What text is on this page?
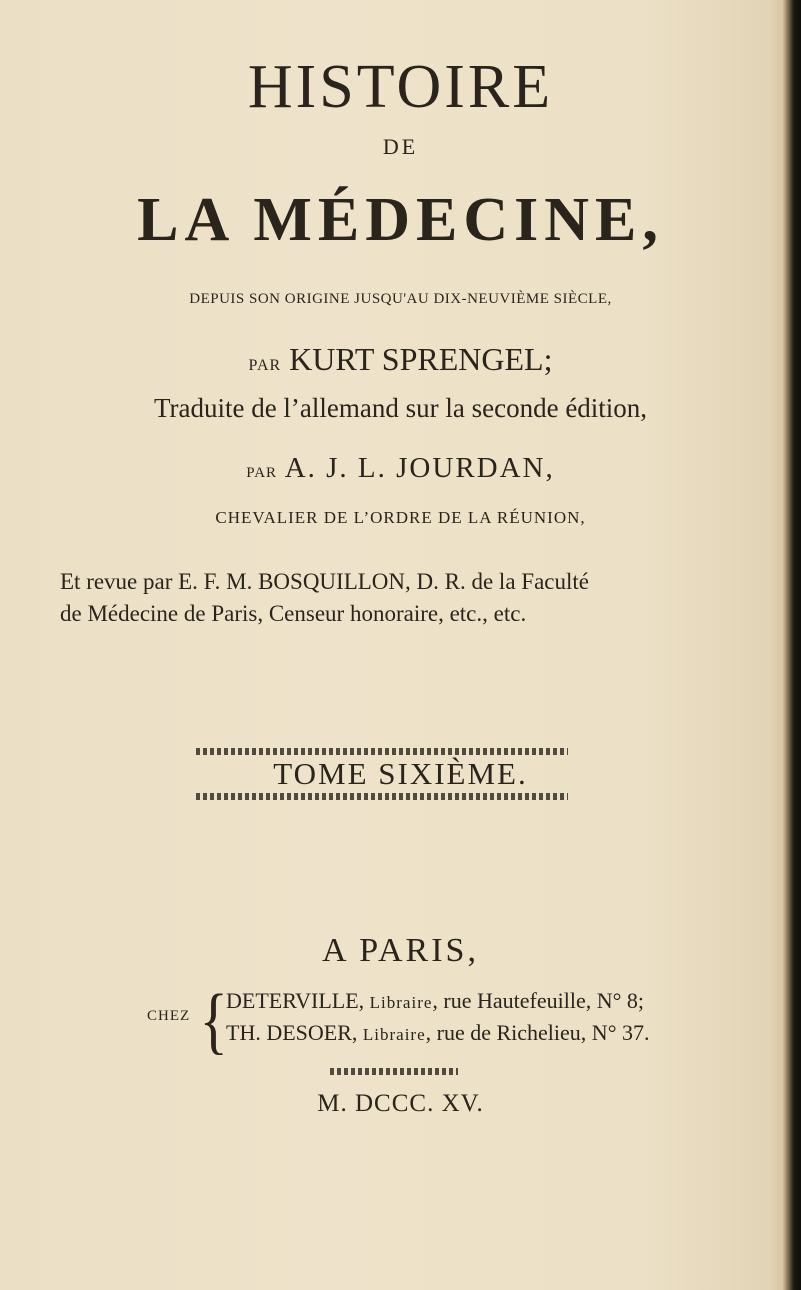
HISTOIRE
DE
LA MÉDECINE,
DEPUIS SON ORIGINE JUSQU'AU DIX-NEUVIÈME SIÈCLE,
PAR KURT SPRENGEL;
Traduite de l’allemand sur la seconde édition,
PAR A. J. L. JOURDAN,
CHEVALIER DE L’ORDRE DE LA RÉUNION,
Et revue par E. F. M. BOSQUILLON, D. R. de la Faculté
de Médecine de Paris, Censeur honoraire, etc., etc.
TOME SIXIÈME.
A PARIS,
CHEZ {
DETERVILLE, Libraire, rue Hautefeuille, N° 8;
TH. DESOER, Libraire, rue de Richelieu, N° 37.
M. DCCC. XV.
